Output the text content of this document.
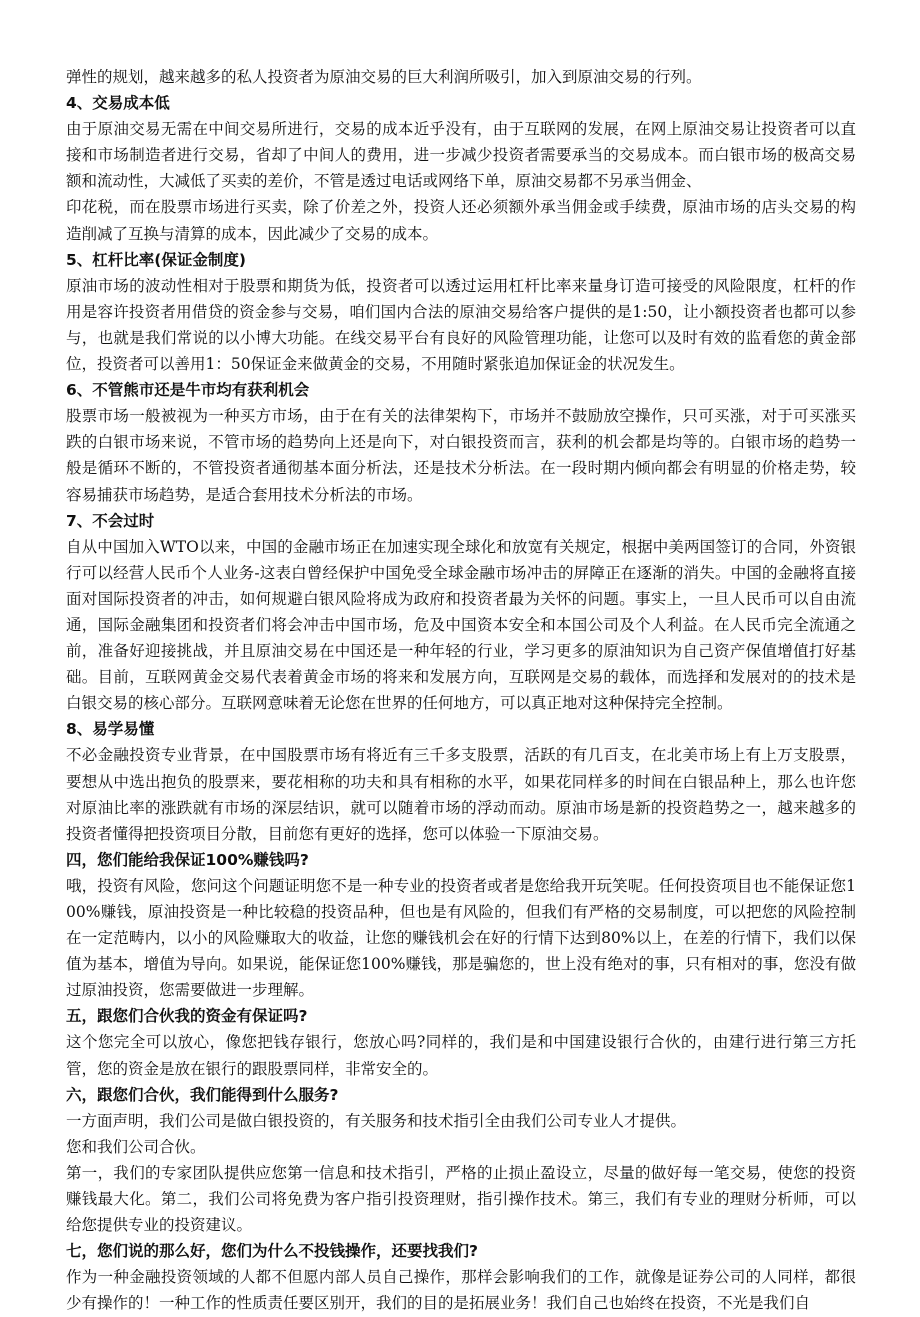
弹性的规划，越来越多的私人投资者为原油交易的巨大利润所吸引，加入到原油交易的行列。

4、交易成本低

由于原油交易无需在中间交易所进行，交易的成本近乎没有，由于互联网的发展，在网上原油交易让投资者可以直接和市场制造者进行交易，省却了中间人的费用，进一步减少投资者需要承当的交易成本。而白银市场的极高交易额和流动性，大减低了买卖的差价，不管是透过电话或网络下单，原油交易都不另承当佣金、

印花税，而在股票市场进行买卖，除了价差之外，投资人还必须额外承当佣金或手续费，原油市场的店头交易的构造削减了互换与清算的成本，因此减少了交易的成本。

5、杠杆比率(保证金制度)

原油市场的波动性相对于股票和期货为低，投资者可以透过运用杠杆比率来量身订造可接受的风险限度，杠杆的作用是容许投资者用借贷的资金参与交易，咱们国内合法的原油交易给客户提供的是1:50，让小额投资者也都可以参与，也就是我们常说的以小博大功能。在线交易平台有良好的风险管理功能，让您可以及时有效的监看您的黄金部位，投资者可以善用1：50保证金来做黄金的交易，不用随时紧张追加保证金的状况发生。

6、不管熊市还是牛市均有获利机会

股票市场一般被视为一种买方市场，由于在有关的法律架构下，市场并不鼓励放空操作，只可买涨，对于可买涨买跌的白银市场来说，不管市场的趋势向上还是向下，对白银投资而言，获利的机会都是均等的。白银市场的趋势一般是循环不断的，不管投资者通彻基本面分析法，还是技术分析法。在一段时期内倾向都会有明显的价格走势，较容易捕获市场趋势，是适合套用技术分析法的市场。

7、不会过时

自从中国加入WTO以来，中国的金融市场正在加速实现全球化和放宽有关规定，根据中美两国签订的合同，外资银行可以经营人民币个人业务-这表白曾经保护中国免受全球金融市场冲击的屏障正在逐渐的消失。中国的金融将直接面对国际投资者的冲击，如何规避白银风险将成为政府和投资者最为关怀的问题。事实上，一旦人民币可以自由流通，国际金融集团和投资者们将会冲击中国市场，危及中国资本安全和本国公司及个人利益。在人民币完全流通之前，准备好迎接挑战，并且原油交易在中国还是一种年轻的行业，学习更多的原油知识为自己资产保值增值打好基础。目前，互联网黄金交易代表着黄金市场的将来和发展方向，互联网是交易的载体，而选择和发展对的的技术是白银交易的核心部分。互联网意味着无论您在世界的任何地方，可以真正地对这种保持完全控制。

8、易学易懂

不必金融投资专业背景，在中国股票市场有将近有三千多支股票，活跃的有几百支，在北美市场上有上万支股票，要想从中选出抱负的股票来，要花相称的功夫和具有相称的水平，如果花同样多的时间在白银品种上，那么也许您对原油比率的涨跌就有市场的深层结识，就可以随着市场的浮动而动。原油市场是新的投资趋势之一，越来越多的投资者懂得把投资项目分散，目前您有更好的选择，您可以体验一下原油交易。

四，您们能给我保证100%赚钱吗?

哦，投资有风险，您问这个问题证明您不是一种专业的投资者或者是您给我开玩笑呢。任何投资项目也不能保证您100%赚钱，原油投资是一种比较稳的投资品种，但也是有风险的，但我们有严格的交易制度，可以把您的风险控制在一定范畴内，以小的风险赚取大的收益，让您的赚钱机会在好的行情下达到80%以上，在差的行情下，我们以保值为基本，增值为导向。如果说，能保证您100%赚钱，那是骗您的，世上没有绝对的事，只有相对的事，您没有做过原油投资，您需要做进一步理解。

五，跟您们合伙我的资金有保证吗?

这个您完全可以放心，像您把钱存银行，您放心吗?同样的，我们是和中国建设银行合伙的，由建行进行第三方托管，您的资金是放在银行的跟股票同样，非常安全的。

六，跟您们合伙，我们能得到什么服务?

一方面声明，我们公司是做白银投资的，有关服务和技术指引全由我们公司专业人才提供。

您和我们公司合伙。

第一，我们的专家团队提供应您第一信息和技术指引，严格的止损止盈设立，尽量的做好每一笔交易，使您的投资赚钱最大化。第二，我们公司将免费为客户指引投资理财，指引操作技术。第三，我们有专业的理财分析师，可以给您提供专业的投资建议。

七，您们说的那么好，您们为什么不投钱操作，还要找我们?

作为一种金融投资领域的人都不但愿内部人员自己操作，那样会影响我们的工作，就像是证券公司的人同样，都很少有操作的！一种工作的性质责任要区别开，我们的目的是拓展业务！我们自己也始终在投资，不光是我们自
